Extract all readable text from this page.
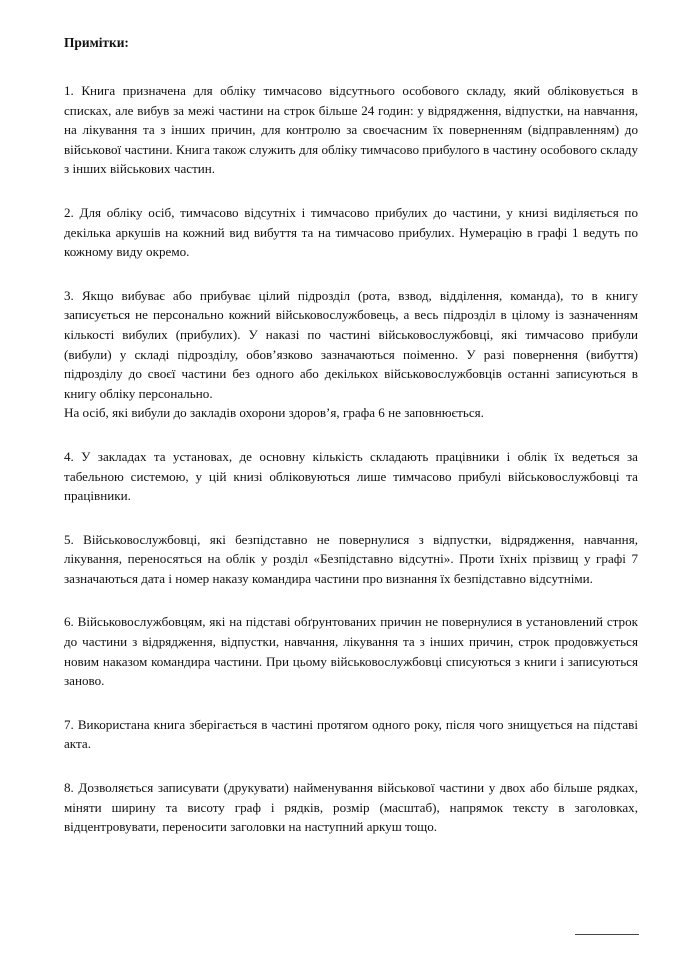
Примітки:

1. Книга призначена для обліку тимчасово відсутнього особового складу, який обліковується в списках, але вибув за межі частини на строк більше 24 годин: у відрядження, відпустки, на навчання, на лікування та з інших причин, для контролю за своєчасним їх поверненням (відправленням) до військової частини. Книга також служить для обліку тимчасово прибулого в частину особового складу з інших військових частин.

2. Для обліку осіб, тимчасово відсутніх і тимчасово прибулих до частини, у книзі виділяється по декілька аркушів на кожний вид вибуття та на тимчасово прибулих. Нумерацію в графі 1 ведуть по кожному виду окремо.

3. Якщо вибуває або прибуває цілий підрозділ (рота, взвод, відділення, команда), то в книгу записується не персонально кожний військовослужбовець, а весь підрозділ в цілому із зазначенням кількості вибулих (прибулих). У наказі по частині військовослужбовці, які тимчасово прибули (вибули) у складі підрозділу, обов’язково зазначаються поіменно. У разі повернення (вибуття) підрозділу до своєї частини без одного або декількох військовослужбовців останні записуються в книгу обліку персонально.
На осіб, які вибули до закладів охорони здоров’я, графа 6 не заповнюється.

4. У закладах та установах, де основну кількість складають працівники і облік їх ведеться за табельною системою, у цій книзі обліковуються лише тимчасово прибулі військовослужбовці та працівники.

5. Військовослужбовці, які безпідставно не повернулися з відпустки, відрядження, навчання, лікування, переносяться на облік у розділ «Безпідставно відсутні». Проти їхніх прізвищ у графі 7 зазначаються дата і номер наказу командира частини про визнання їх безпідставно відсутніми.

6. Військовослужбовцям, які на підставі обґрунтованих причин не повернулися в установлений строк до частини з відрядження, відпустки, навчання, лікування та з інших причин, строк продовжується новим наказом командира частини. При цьому військовослужбовці списуються з книги і записуються заново.

7. Використана книга зберігається в частині протягом одного року, після чого знищується на підставі акта.

8. Дозволяється записувати (друкувати) найменування військової частини у двох або більше рядках, міняти ширину та висоту граф і рядків, розмір (масштаб), напрямок тексту в заголовках, відцентровувати, переносити заголовки на наступний аркуш тощо.
